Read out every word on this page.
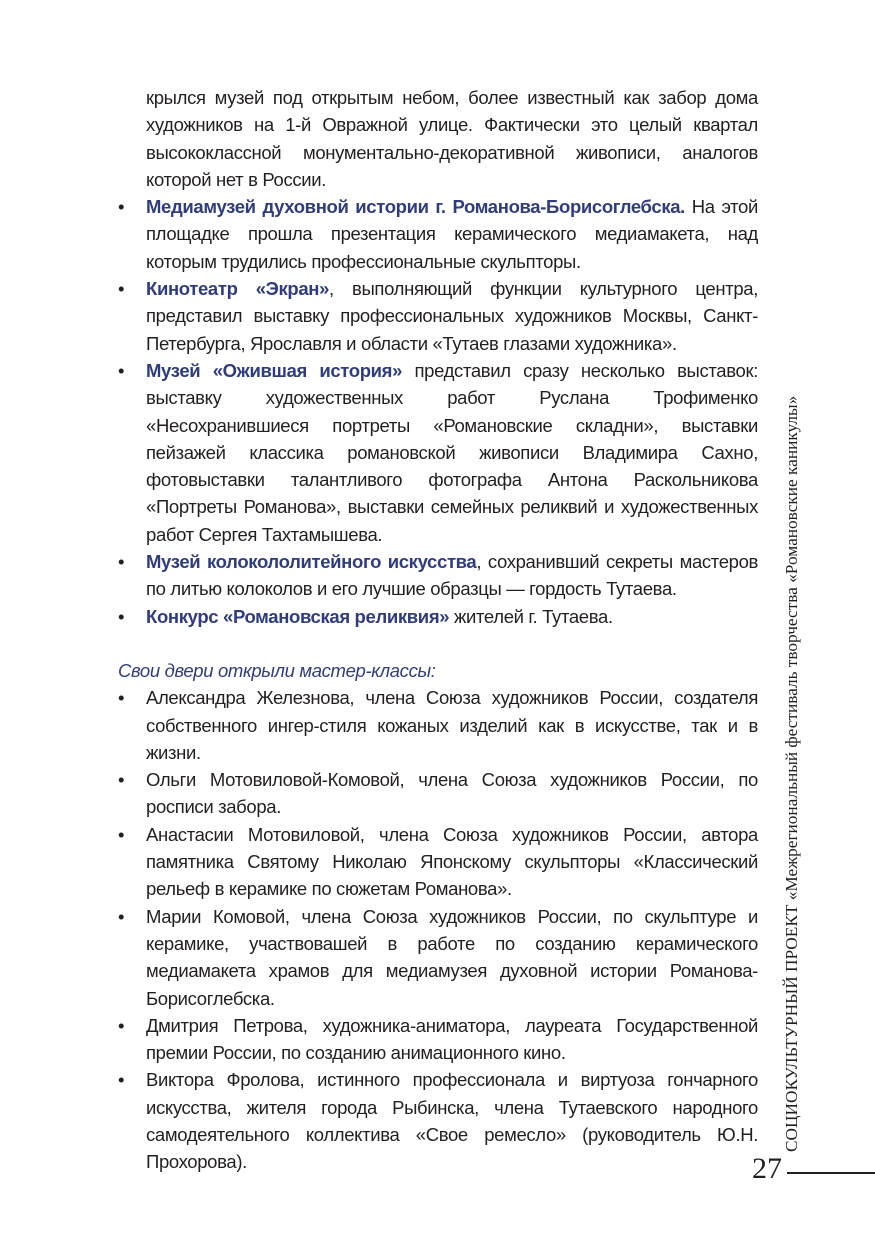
крылся музей под открытым небом, более известный как забор дома художников на 1-й Овражной улице. Фактически это целый квартал высококлассной монументально-декоративной живописи, аналогов которой нет в России.

• Медиамузей духовной истории г. Романова-Борисоглебска. На этой площадке прошла презентация керамического медиамакета, над которым трудились профессиональные скульпторы.
• Кинотеатр «Экран», выполняющий функции культурного центра, представил выставку профессиональных художников Москвы, Санкт-Петербурга, Ярославля и области «Тутаев глазами художника».
• Музей «Ожившая история» представил сразу несколько выставок: выставку художественных работ Руслана Трофименко «Несохранившиеся портреты «Романовские складни», выставки пейзажей классика романовской живописи Владимира Сахно, фотовыставки талантливого фотографа Антона Раскольникова «Портреты Романова», выставки семейных реликвий и художественных работ Сергея Тахтамышева.
• Музей колокололитейного искусства, сохранивший секреты мастеров по литью колоколов и его лучшие образцы — гордость Тутаева.
• Конкурс «Романовская реликвия» жителей г. Тутаева.

Свои двери открыли мастер-классы:

• Александра Железнова, члена Союза художников России, создателя собственного ингер-стиля кожаных изделий как в искусстве, так и в жизни.
• Ольги Мотовиловой-Комовой, члена Союза художников России, по росписи забора.
• Анастасии Мотовиловой, члена Союза художников России, автора памятника Святому Николаю Японскому скульпторы «Классический рельеф в керамике по сюжетам Романова».
• Марии Комовой, члена Союза художников России, по скульптуре и керамике, участвовашей в работе по созданию керамического медиамакета храмов для медиамузея духовной истории Романова-Борисоглебска.
• Дмитрия Петрова, художника-аниматора, лауреата Государственной премии России, по созданию анимационного кино.
• Виктора Фролова, истинного профессионала и виртуоза гончарного искусства, жителя города Рыбинска, члена Тутаевского народного самодеятельного коллектива «Свое ремесло» (руководитель Ю.Н. Прохорова).
СОЦИОКУЛЬТУРНЫЙ ПРОЕКТ «Межрегиональный фестиваль творчества «Романовские каникулы»
27
